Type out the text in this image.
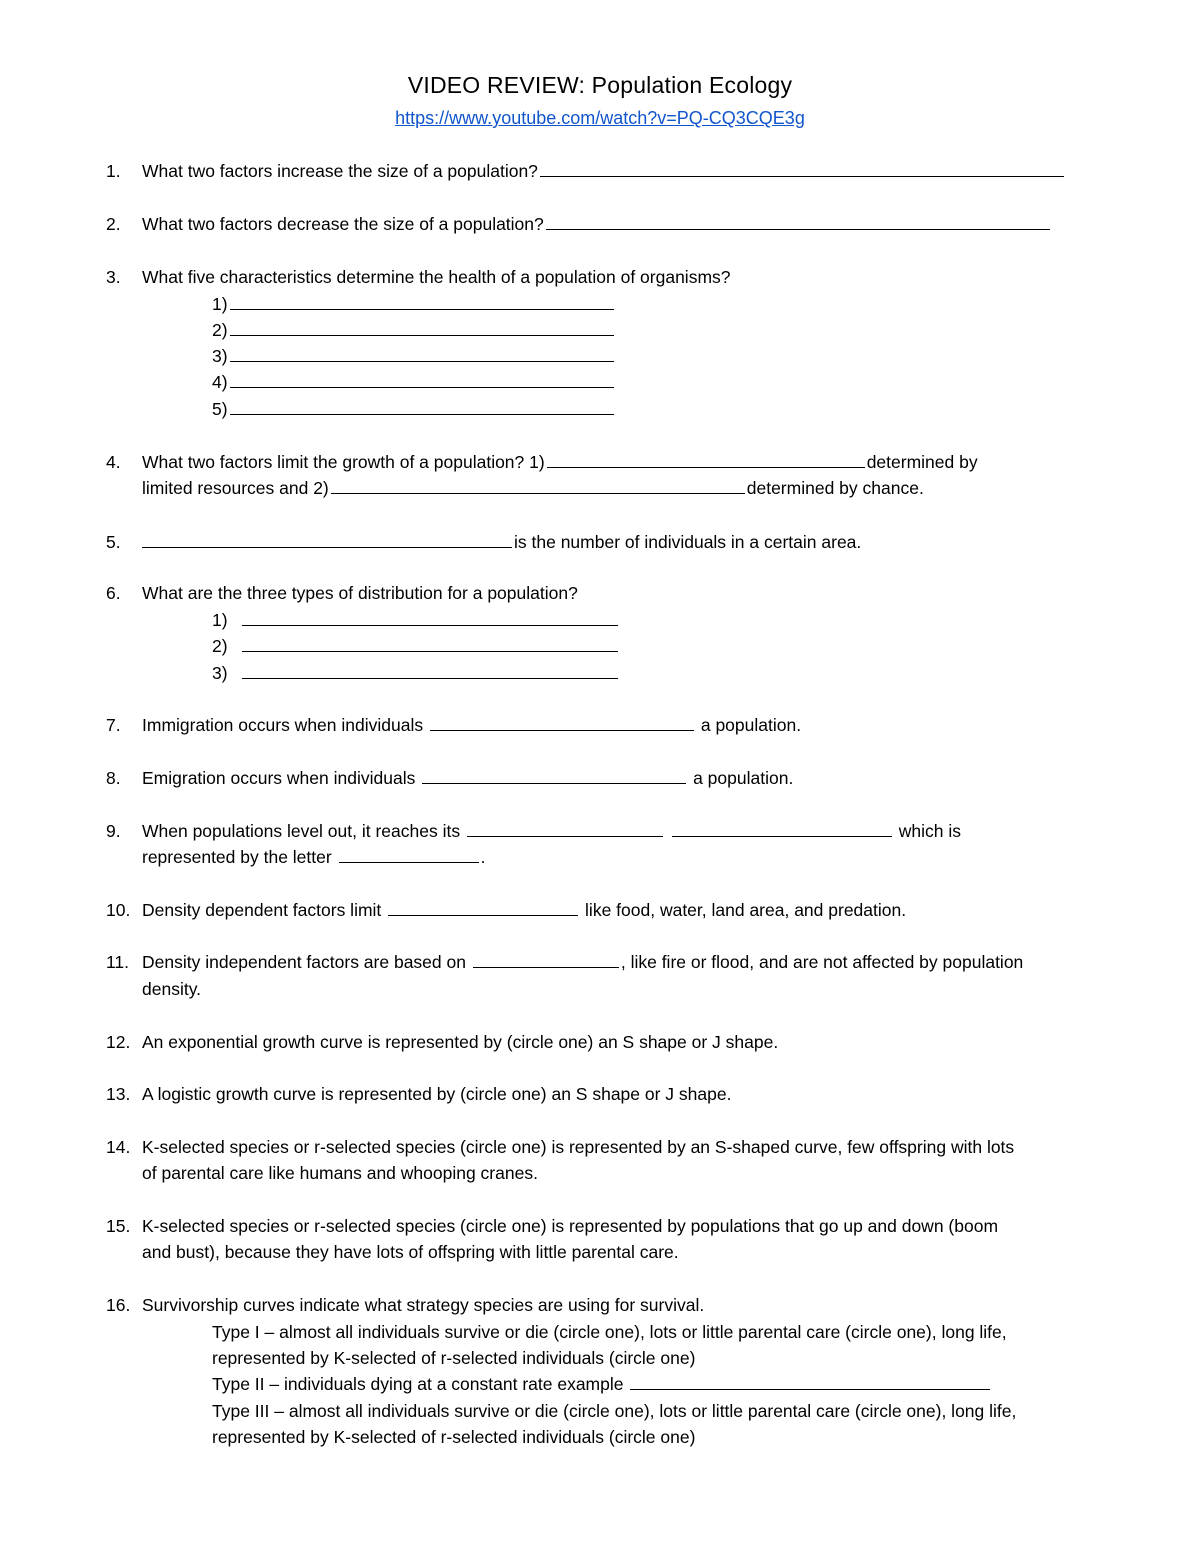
VIDEO REVIEW: Population Ecology
https://www.youtube.com/watch?v=PQ-CQ3CQE3g
1.	What two factors increase the size of a population?
2.	What two factors decrease the size of a population?
3.	What five characteristics determine the health of a population of organisms?
1)
2)
3)
4)
5)
4.	What two factors limit the growth of a population? 1)	determined by
limited resources and 2)	determined by chance.
5.	is the number of individuals in a certain area.
6.	What are the three types of distribution for a population?
1)
2)
3)
7.	Immigration occurs when individuals	a population.
8.	Emigration occurs when individuals	a population.
9.	When populations level out, it reaches its	which is
represented by the letter	.
10. Density dependent factors limit	like food, water, land area, and predation.
11. Density independent factors are based on	, like fire or flood, and are not affected by population
density.
12. An exponential growth curve is represented by (circle one) an S shape or J shape.
13. A logistic growth curve is represented by (circle one) an S shape or J shape.
14. K-selected species or r-selected species (circle one) is represented by an S-shaped curve, few offspring with lots
of parental care like humans and whooping cranes.
15. K-selected species or r-selected species (circle one) is represented by populations that go up and down (boom
and bust), because they have lots of offspring with little parental care.
16. Survivorship curves indicate what strategy species are using for survival.
Type I – almost all individuals survive or die (circle one), lots or little parental care (circle one), long life,
represented by K-selected of r-selected individuals (circle one)
Type II – individuals dying at a constant rate example
Type III – almost all individuals survive or die (circle one), lots or little parental care (circle one), long life,
represented by K-selected of r-selected individuals (circle one)
